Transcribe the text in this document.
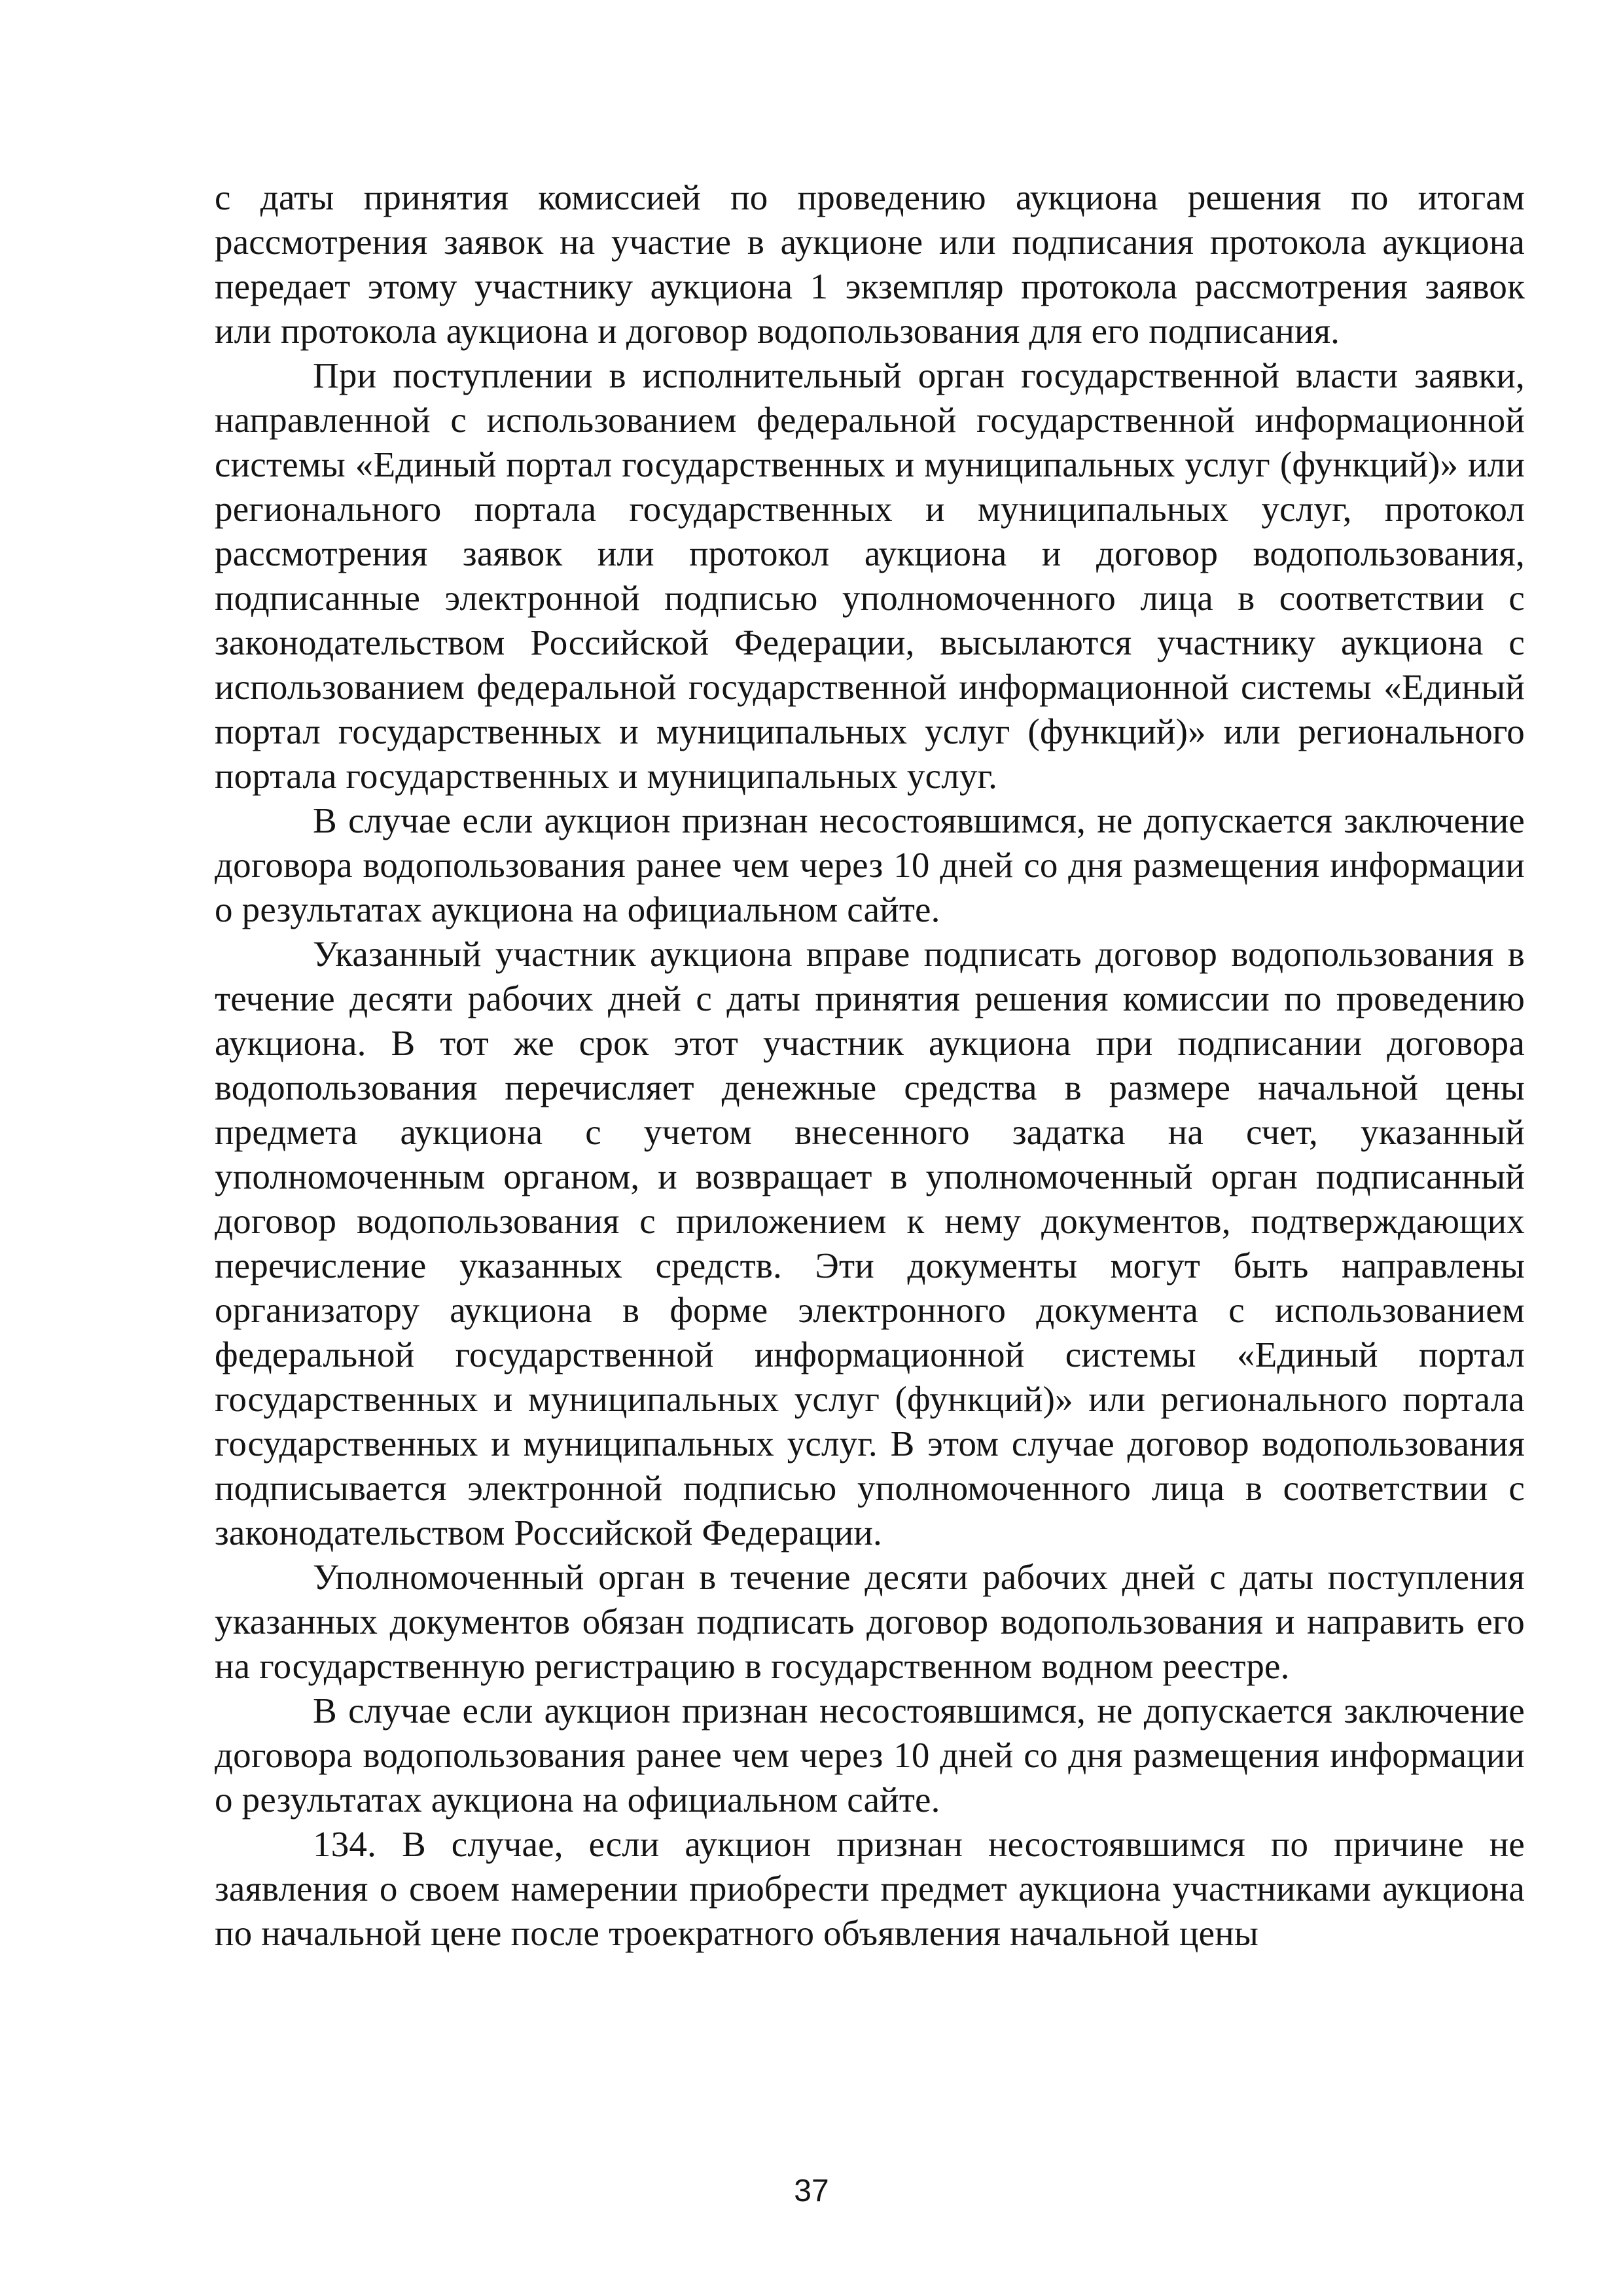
с даты принятия комиссией по проведению аукциона решения по итогам рассмотрения заявок на участие в аукционе или подписания протокола аукциона передает этому участнику аукциона 1 экземпляр протокола рассмотрения заявок или протокола аукциона и договор водопользования для его подписания.

При поступлении в исполнительный орган государственной власти заявки, направленной с использованием федеральной государственной информационной системы «Единый портал государственных и муниципальных услуг (функций)» или регионального портала государственных и муниципальных услуг, протокол рассмотрения заявок или протокол аукциона и договор водопользования, подписанные электронной подписью уполномоченного лица в соответствии с законодательством Российской Федерации, высылаются участнику аукциона с использованием федеральной государственной информационной системы «Единый портал государственных и муниципальных услуг (функций)» или регионального портала государственных и муниципальных услуг.

В случае если аукцион признан несостоявшимся, не допускается заключение договора водопользования ранее чем через 10 дней со дня размещения информации о результатах аукциона на официальном сайте.

Указанный участник аукциона вправе подписать договор водопользования в течение десяти рабочих дней с даты принятия решения комиссии по проведению аукциона. В тот же срок этот участник аукциона при подписании договора водопользования перечисляет денежные средства в размере начальной цены предмета аукциона с учетом внесенного задатка на счет, указанный уполномоченным органом, и возвращает в уполномоченный орган подписанный договор водопользования с приложением к нему документов, подтверждающих перечисление указанных средств. Эти документы могут быть направлены организатору аукциона в форме электронного документа с использованием федеральной государственной информационной системы «Единый портал государственных и муниципальных услуг (функций)» или регионального портала государственных и муниципальных услуг. В этом случае договор водопользования подписывается электронной подписью уполномоченного лица в соответствии с законодательством Российской Федерации.

Уполномоченный орган в течение десяти рабочих дней с даты поступления указанных документов обязан подписать договор водопользования и направить его на государственную регистрацию в государственном водном реестре.

В случае если аукцион признан несостоявшимся, не допускается заключение договора водопользования ранее чем через 10 дней со дня размещения информации о результатах аукциона на официальном сайте.

134. В случае, если аукцион признан несостоявшимся по причине не заявления о своем намерении приобрести предмет аукциона участниками аукциона по начальной цене после троекратного объявления начальной цены

37
